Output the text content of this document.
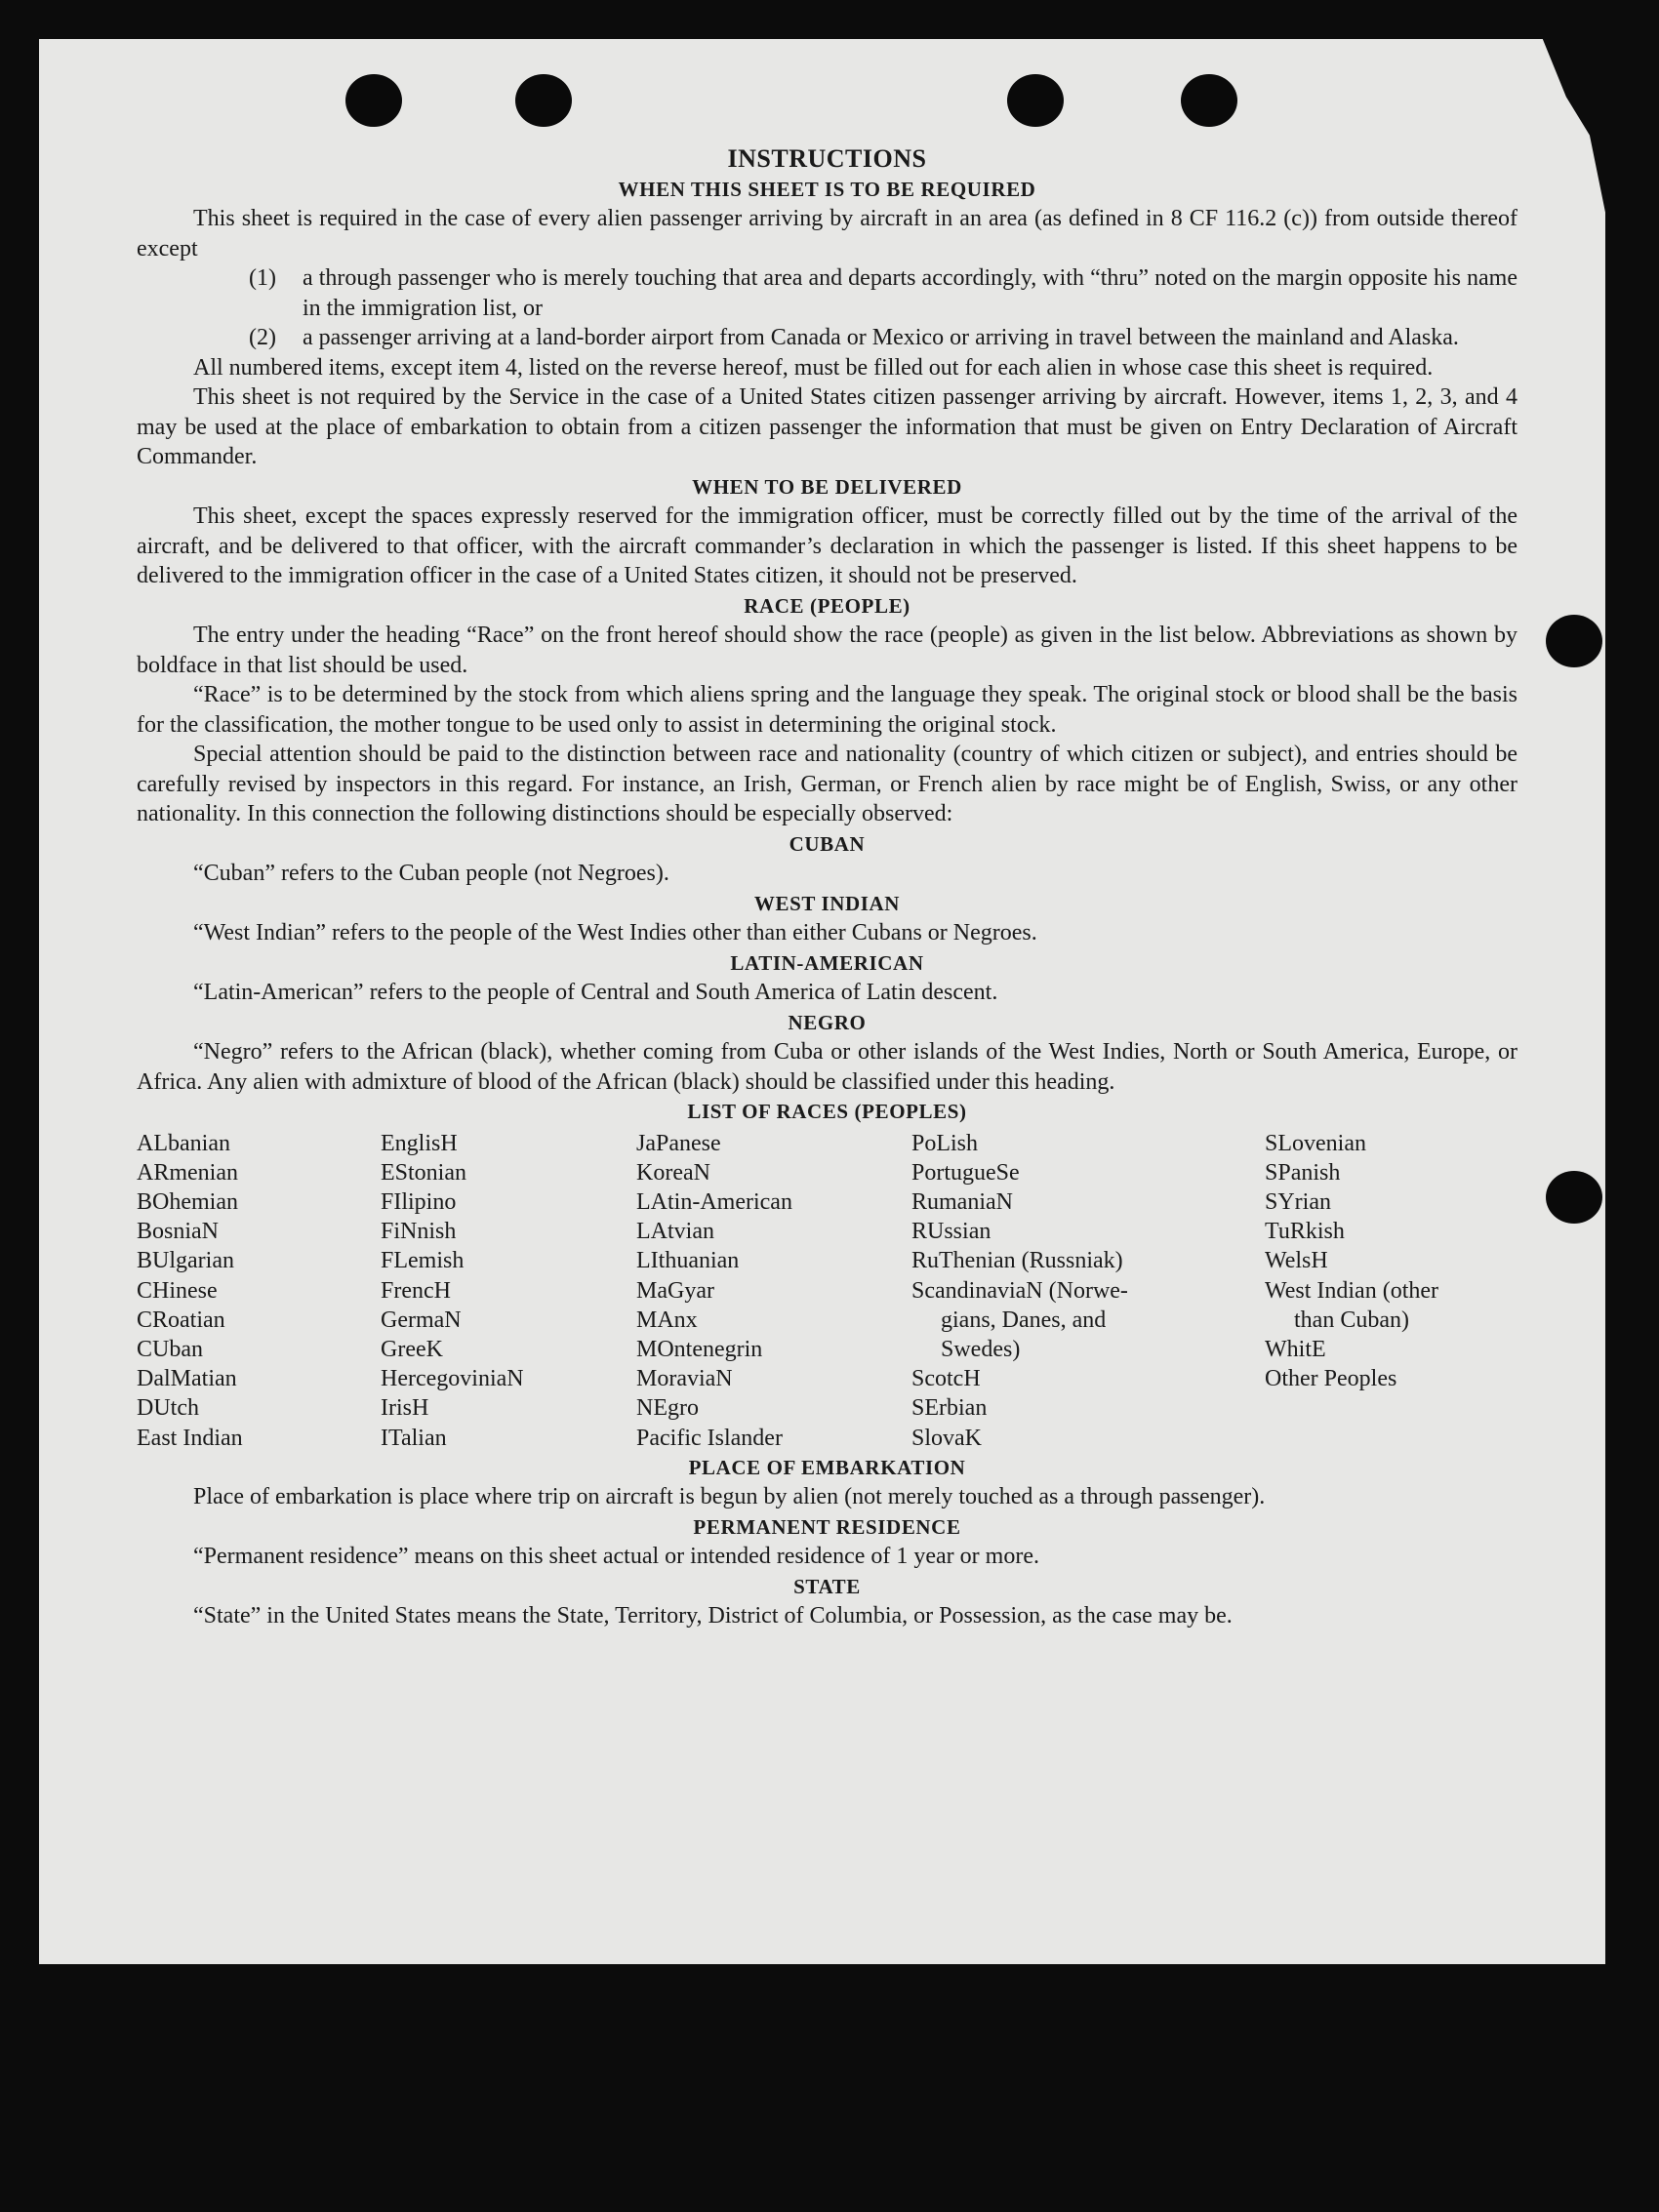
INSTRUCTIONS

WHEN THIS SHEET IS TO BE REQUIRED

This sheet is required in the case of every alien passenger arriving by aircraft in an area (as defined in 8 CF 116.2 (c)) from outside thereof except

(1)	a through passenger who is merely touching that area and departs accordingly, with “thru” noted on the margin opposite his name in the immigration list, or
(2)	a passenger arriving at a land-border airport from Canada or Mexico or arriving in travel between the mainland and Alaska.

All numbered items, except item 4, listed on the reverse hereof, must be filled out for each alien in whose case this sheet is required.

This sheet is not required by the Service in the case of a United States citizen passenger arriving by aircraft. However, items 1, 2, 3, and 4 may be used at the place of embarkation to obtain from a citizen passenger the information that must be given on Entry Declaration of Aircraft Commander.

WHEN TO BE DELIVERED

This sheet, except the spaces expressly reserved for the immigration officer, must be correctly filled out by the time of the arrival of the aircraft, and be delivered to that officer, with the aircraft commander’s declaration in which the passenger is listed. If this sheet happens to be delivered to the immigration officer in the case of a United States citizen, it should not be preserved.

RACE (PEOPLE)

The entry under the heading “Race” on the front hereof should show the race (people) as given in the list below. Abbreviations as shown by boldface in that list should be used.

“Race” is to be determined by the stock from which aliens spring and the language they speak. The original stock or blood shall be the basis for the classification, the mother tongue to be used only to assist in determining the original stock.

Special attention should be paid to the distinction between race and nationality (country of which citizen or subject), and entries should be carefully revised by inspectors in this regard. For instance, an Irish, German, or French alien by race might be of English, Swiss, or any other nationality. In this connection the following distinctions should be especially observed:

CUBAN

“Cuban” refers to the Cuban people (not Negroes).

WEST INDIAN

“West Indian” refers to the people of the West Indies other than either Cubans or Negroes.

LATIN-AMERICAN

“Latin-American” refers to the people of Central and South America of Latin descent.

NEGRO

“Negro” refers to the African (black), whether coming from Cuba or other islands of the West Indies, North or South America, Europe, or Africa. Any alien with admixture of blood of the African (black) should be classified under this heading.

LIST OF RACES (PEOPLES)

ALbanian
ARmenian
BOhemian
BosniaN
BUlgarian
CHinese
CRoatian
CUban
DalMatian
DUtch
East Indian
EnglisH
EStonian
FIlipino
FiNnish
FLemish
FrencH
GermaN
GreeK
HercegoviniaN
IrisH
ITalian
JaPanese
KoreaN
LAtin-American
LAtvian
LIthuanian
MaGyar
MAnx
MOntenegrin
MoraviaN
NEgro
Pacific Islander
PoLish
PortugueSe
RumaniaN
RUssian
RuThenian (Russniak)
ScandinaviaN (Norwe-
gians, Danes, and
Swedes)
ScotcH
SErbian
SlovaK
SLovenian
SPanish
SYrian
TuRkish
WelsH
West Indian (other
than Cuban)
WhitE
Other Peoples

PLACE OF EMBARKATION

Place of embarkation is place where trip on aircraft is begun by alien (not merely touched as a through passenger).

PERMANENT RESIDENCE

“Permanent residence” means on this sheet actual or intended residence of 1 year or more.

STATE

“State” in the United States means the State, Territory, District of Columbia, or Possession, as the case may be.
